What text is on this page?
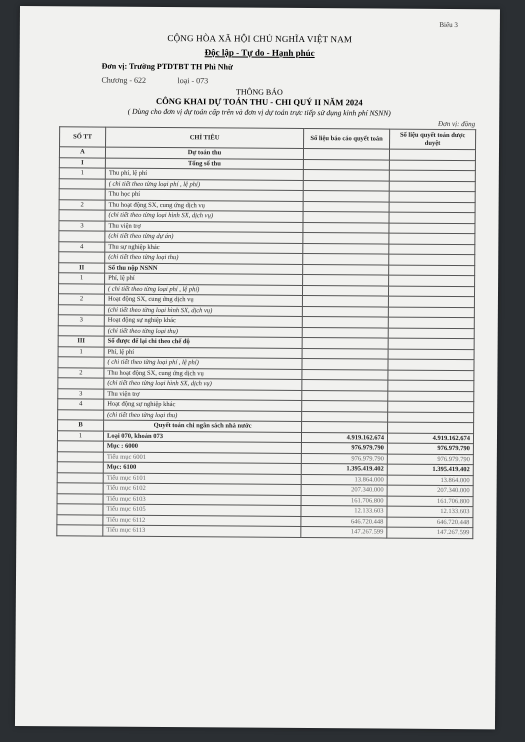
Biểu 3
CỘNG HÒA XÃ HỘI CHỦ NGHĨA VIỆT NAM
Độc lập - Tự do - Hạnh phúc
Đơn vị: Trường PTDTBT TH Phì Nhừ
Chương - 622	loại - 073
THÔNG BÁO
CÔNG KHAI DỰ TOÁN THU - CHI QUÝ II NĂM 2024
( Dùng cho đơn vị dự toán cấp trên và đơn vị dự toán trực tiếp sử dụng kinh phí NSNN)
Đơn vị: đồng
SỐ TT	CHỈ TIÊU	Số liệu báo cáo quyết toán	Số liệu quyết toán được duyệt
A	Dự toán thu		
I	Tổng số thu		
1	Thu phí, lệ phí		
	( chi tiết theo từng loại phí , lệ phí)		
	Thu học phí		
2	Thu hoạt động SX, cung ứng dịch vụ		
	(chi tiết theo từng loại hình SX, dịch vụ)		
3	Thu viện trợ		
	(chi tiết theo từng dự án)		
4	Thu sự nghiệp khác		
	(chi tiết theo từng loại thu)		
II	Số thu nộp NSNN		
1	Phí, lệ phí		
	( chi tiết theo từng loại phí , lệ phí)		
2	Hoạt động SX, cung ứng dịch vụ		
	(chi tiết theo từng loại hình SX, dịch vụ)		
3	Hoạt động sự nghiệp khác		
	(chi tiết theo từng loại thu)		
III	Số được để lại chi theo chế độ		
1	Phí, lệ phí		
	( chi tiết theo từng loại phí , lệ phí)		
2	Thu hoạt động SX, cung ứng dịch vụ		
	(chi tiết theo từng loại hình SX, dịch vụ)		
3	Thu viện trợ		
4	Hoạt động sự nghiệp khác		
	(chi tiết theo từng loại thu)		
B	Quyết toán chi ngân sách nhà nước		
1	Loại 070, khoản 073	4.919.162.674	4.919.162.674
	Mục : 6000	976.979.790	976.979.790
	Tiểu mục 6001	976.979.790	976.979.790
	Mục: 6100	1.395.419.402	1.395.419.402
	Tiểu mục 6101	13.864.000	13.864.000
	Tiểu mục 6102	207.340.000	207.340.000
	Tiểu mục 6103	161.706.800	161.706.800
	Tiểu mục 6105	12.133.603	12.133.603
	Tiểu mục 6112	646.720.448	646.720.448
	Tiểu mục 6113	147.267.599	147.267.599
